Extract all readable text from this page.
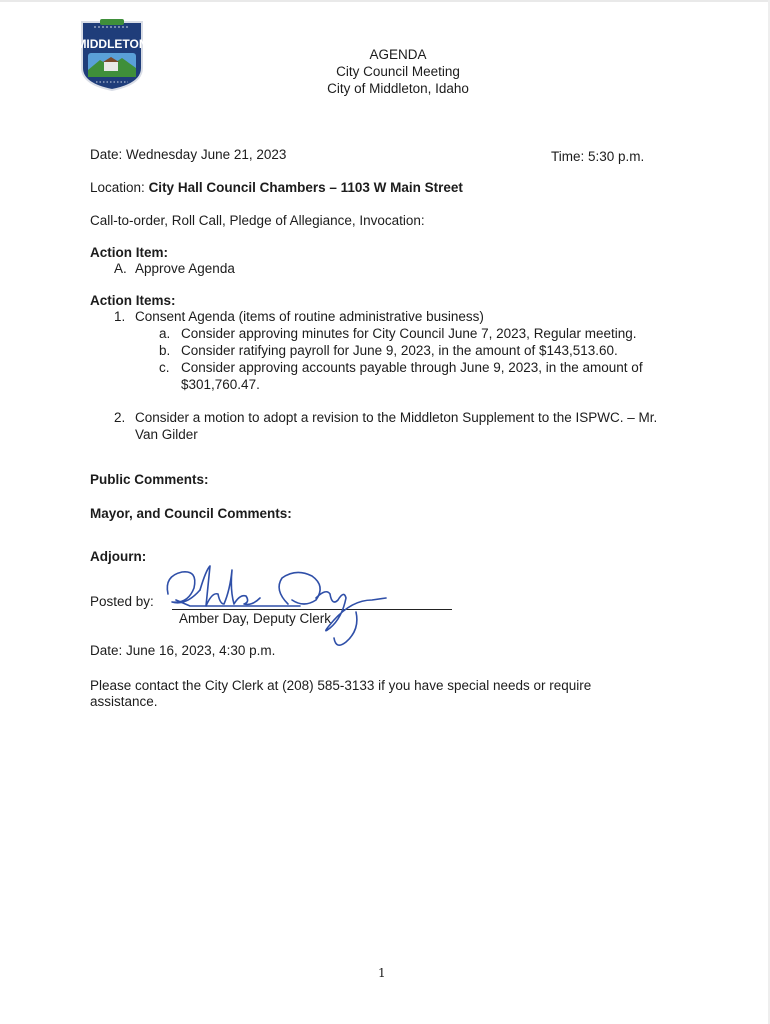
MIDDLETON
AGENDA
City Council Meeting
City of Middleton, Idaho
Date: Wednesday June 21, 2023	Time: 5:30 p.m.
Location: City Hall Council Chambers – 1103 W Main Street
Call-to-order, Roll Call, Pledge of Allegiance, Invocation:
Action Item:
A. Approve Agenda
Action Items:
1. Consent Agenda (items of routine administrative business)
a. Consider approving minutes for City Council June 7, 2023, Regular meeting.
b. Consider ratifying payroll for June 9, 2023, in the amount of $143,513.60.
c. Consider approving accounts payable through June 9, 2023, in the amount of
$301,760.47.
2. Consider a motion to adopt a revision to the Middleton Supplement to the ISPWC. – Mr.
Van Gilder
Public Comments:
Mayor, and Council Comments:
Adjourn:
Posted by:
Amber Day, Deputy Clerk
Date: June 16, 2023, 4:30 p.m.
Please contact the City Clerk at (208) 585-3133 if you have special needs or require
assistance.
1
